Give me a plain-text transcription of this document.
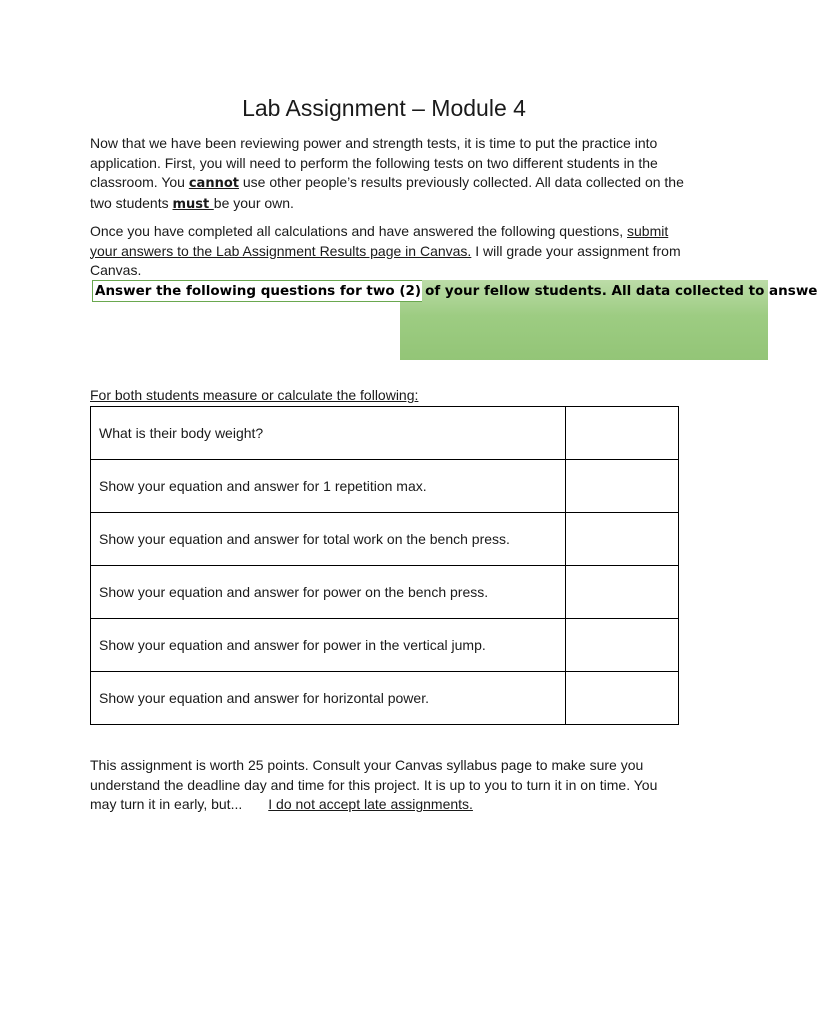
Lab Assignment – Module 4

Now that we have been reviewing power and strength tests, it is time to put the practice into application. First, you will need to perform the following tests on two different students in the classroom. You cannot use other people’s results previously collected. All data collected on the two students must be your own.

Once you have completed all calculations and have answered the following questions, submit your answers to the Lab Assignment Results page in Canvas. I will grade your assignment from Canvas.

Answer the following questions for two (2) of your fellow students. All data collected to answe

For both students measure or calculate the following:

What is their body weight?	
Show your equation and answer for 1 repetition max.	
Show your equation and answer for total work on the bench press.	
Show your equation and answer for power on the bench press.	
Show your equation and answer for power in the vertical jump.	
Show your equation and answer for horizontal power.	

This assignment is worth 25 points. Consult your Canvas syllabus page to make sure you understand the deadline day and time for this project. It is up to you to turn it in on time. You may turn it in early, but... I do not accept late assignments.
